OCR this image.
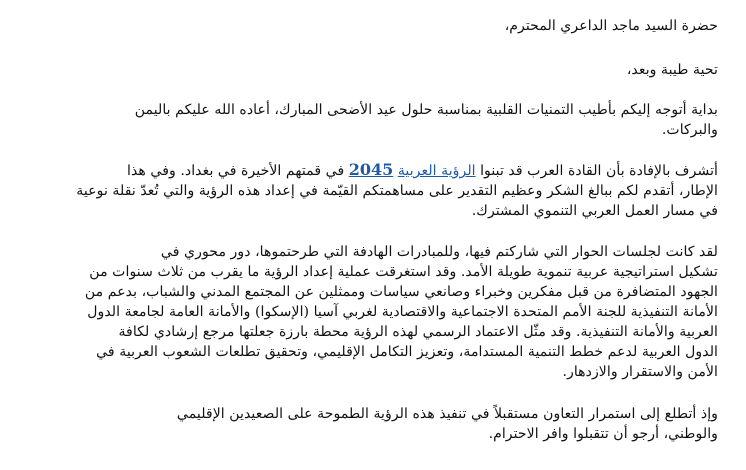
حضرة السيد ماجد الداعري المحترم،
تحية طيبة وبعد،
بداية أتوجه إليكم بأطيب التمنيات القلبية بمناسبة حلول عيد الأضحى المبارك، أعاده الله عليكم باليمن
والبركات.
أتشرف بالإفادة بأن القادة العرب قد تبنوا الرؤية العربية 2045 في قمتهم الأخيرة في بغداد. وفي هذا
الإطار، أتقدم لكم ببالغ الشكر وعظيم التقدير على مساهمتكم القيّمة في إعداد هذه الرؤية والتي تُعدّ نقلة نوعية
في مسار العمل العربي التنموي المشترك.
لقد كانت لجلسات الحوار التي شاركتم فيها، وللمبادرات الهادفة التي طرحتموها، دور محوري في
تشكيل استراتيجية عربية تنموية طويلة الأمد. وقد استغرقت عملية إعداد الرؤية ما يقرب من ثلاث سنوات من
الجهود المتضافرة من قبل مفكرين وخبراء وصانعي سياسات وممثلين عن المجتمع المدني والشباب، بدعم من
الأمانة التنفيذية للجنة الأمم المتحدة الاجتماعية والاقتصادية لغربي آسيا (الإسكوا) والأمانة العامة لجامعة الدول
العربية والأمانة التنفيذية. وقد مثّل الاعتماد الرسمي لهذه الرؤية محطة بارزة جعلتها مرجع إرشادي لكافة
الدول العربية لدعم خطط التنمية المستدامة، وتعزيز التكامل الإقليمي، وتحقيق تطلعات الشعوب العربية في
الأمن والاستقرار والازدهار.
وإذ أتطلع إلى استمرار التعاون مستقبلاً في تنفيذ هذه الرؤية الطموحة على الصعيدين الإقليمي
والوطني، أرجو أن تتقبلوا وافر الاحترام.
